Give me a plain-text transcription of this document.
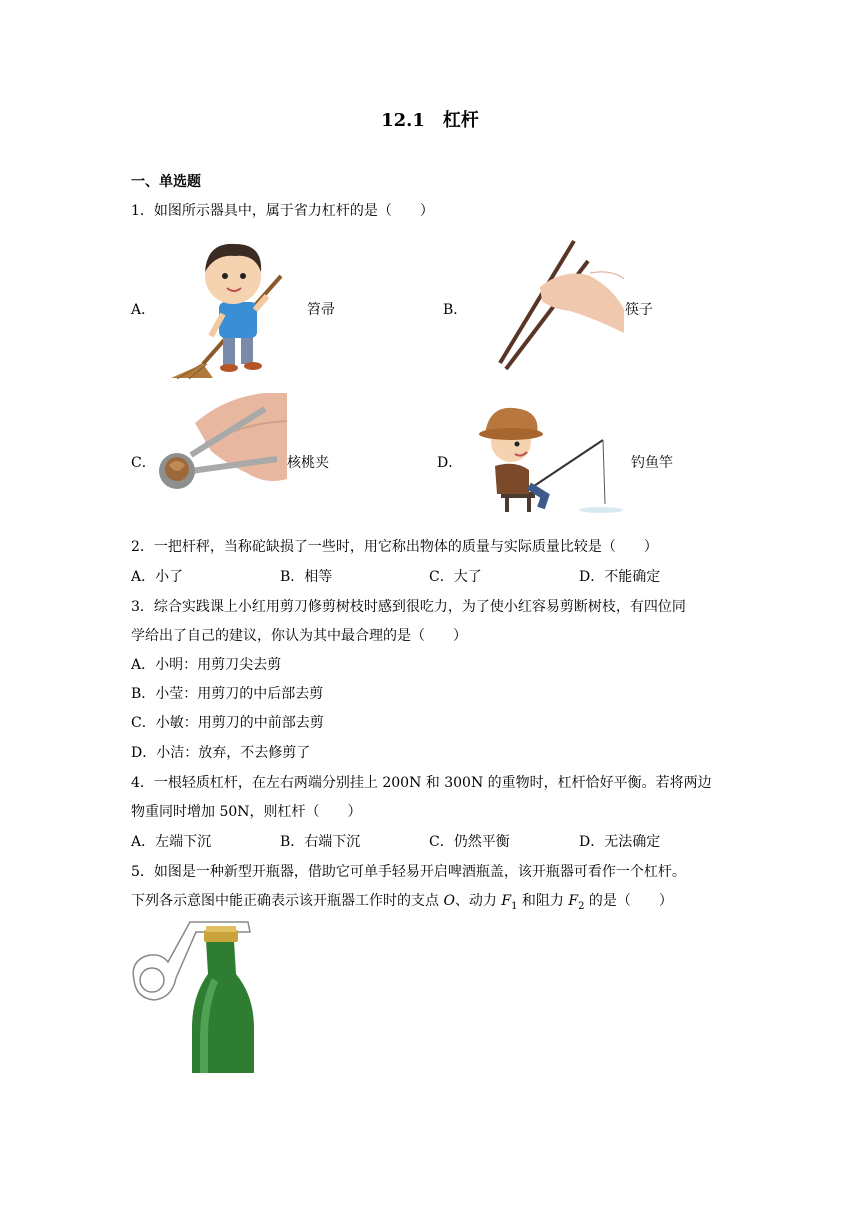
12.1　杠杆
一、单选题
1．如图所示器具中，属于省力杠杆的是（　　）
A．	笤帚	B．	筷子
C．	核桃夹	D．	钓鱼竿
2．一把杆秤，当称砣缺损了一些时，用它称出物体的质量与实际质量比较是（　　）
A．小了	B．相等	C．大了	D．不能确定
3．综合实践课上小红用剪刀修剪树枝时感到很吃力，为了使小红容易剪断树枝，有四位同
学给出了自己的建议，你认为其中最合理的是（　　）
A．小明：用剪刀尖去剪
B．小莹：用剪刀的中后部去剪
C．小敏：用剪刀的中前部去剪
D．小洁：放弃，不去修剪了
4．一根轻质杠杆，在左右两端分别挂上 200N 和 300N 的重物时，杠杆恰好平衡。若将两边
物重同时增加 50N，则杠杆（　　）
A．左端下沉	B．右端下沉	C．仍然平衡	D．无法确定
5．如图是一种新型开瓶器，借助它可单手轻易开启啤酒瓶盖，该开瓶器可看作一个杠杆。
下列各示意图中能正确表示该开瓶器工作时的支点 O、动力 $F_1$ 和阻力 $F_2$ 的是（　　）
